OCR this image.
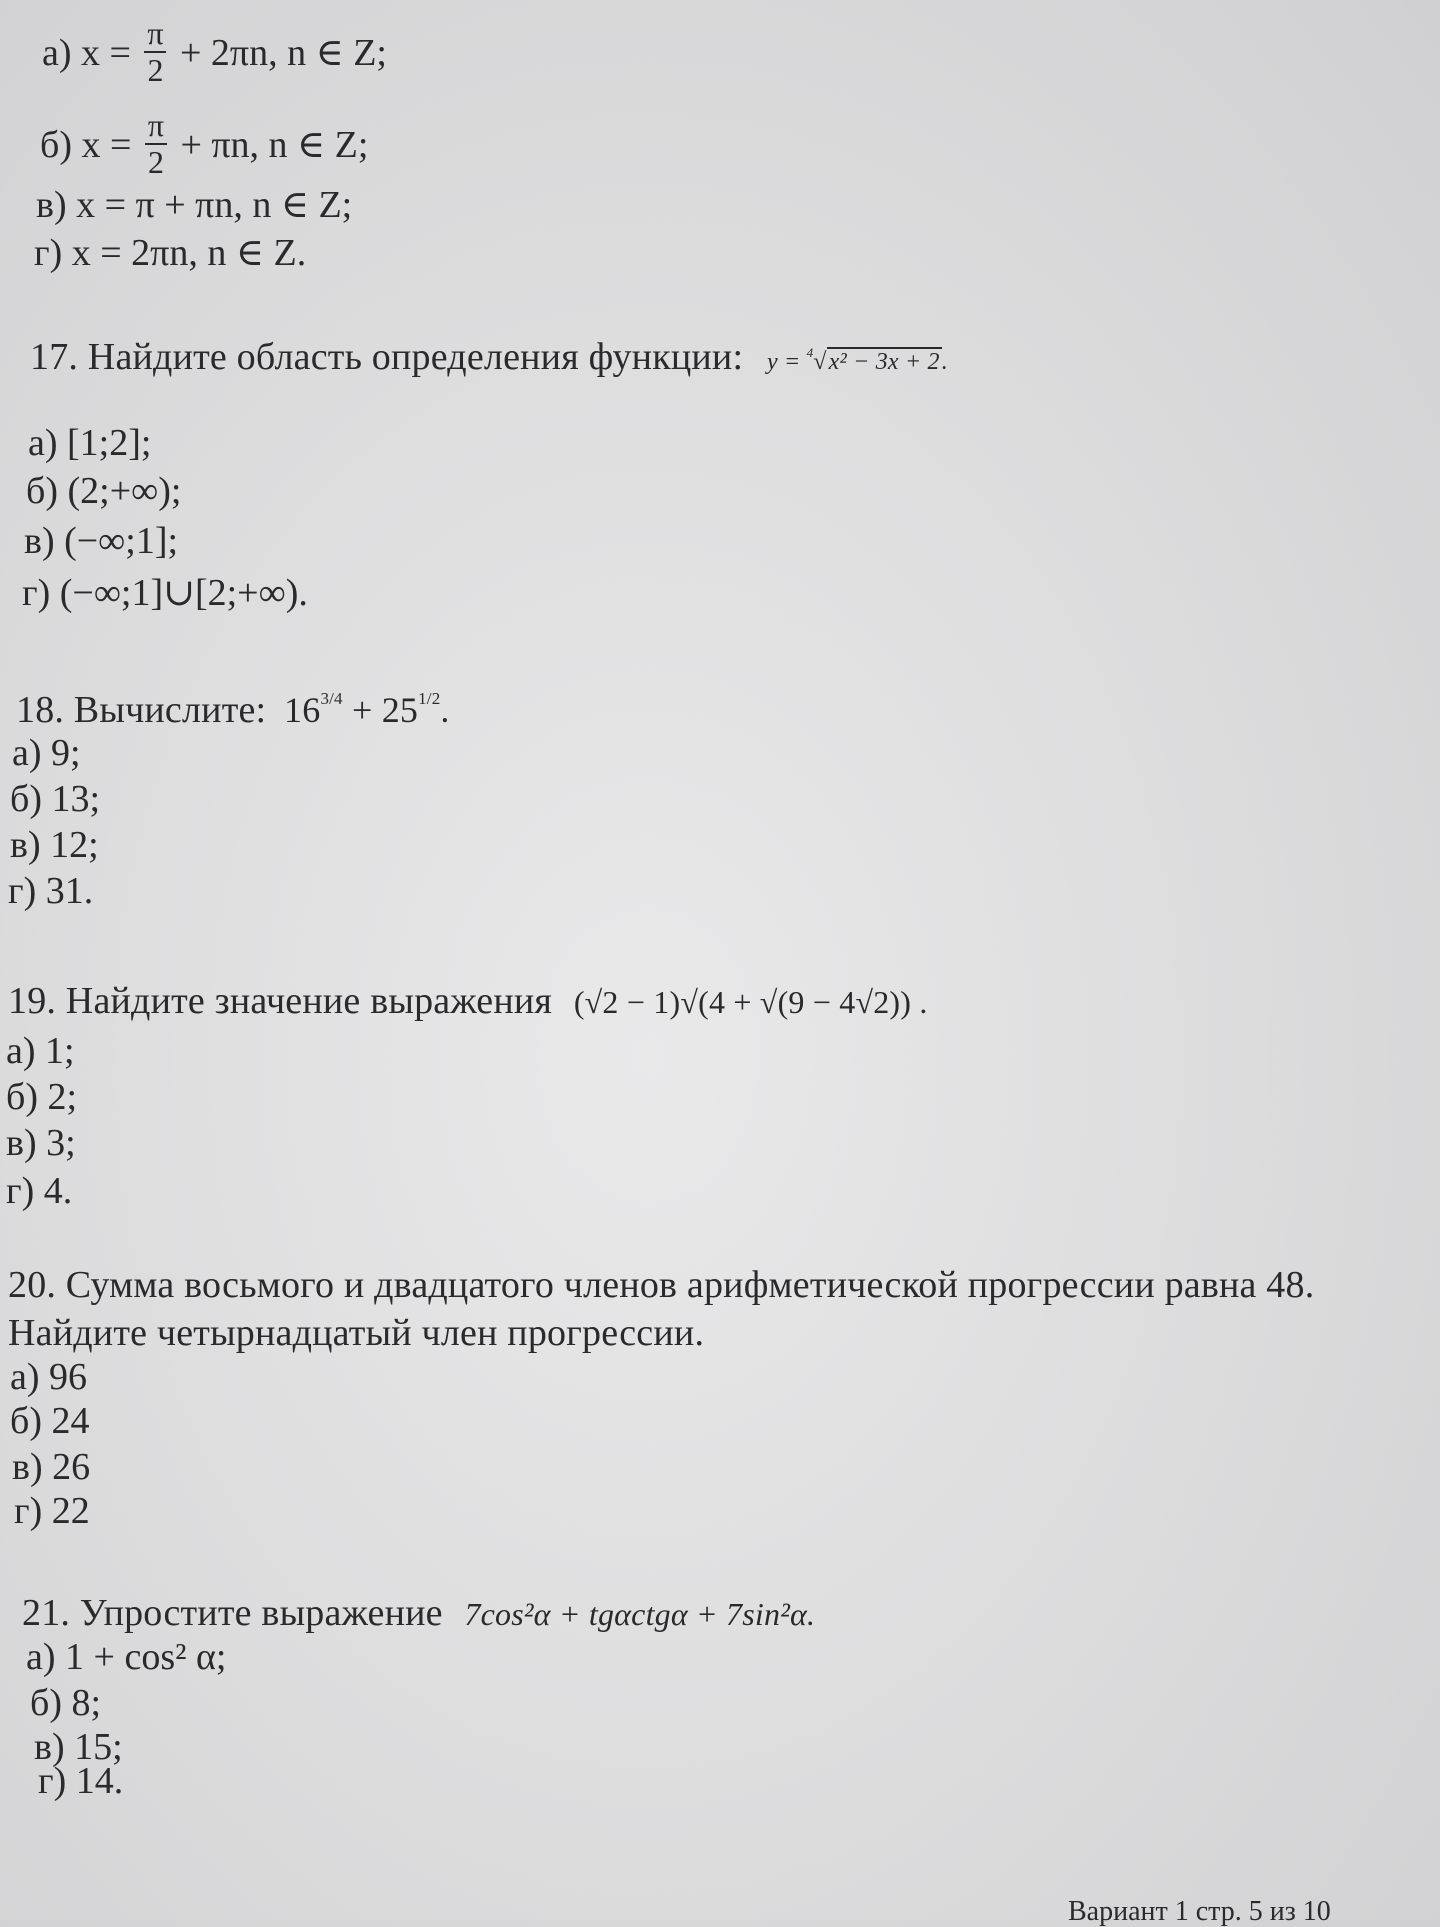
а) $x = \frac{\pi}{2} + 2\pi n$, n ∈ Z;
б) $x = \frac{\pi}{2} + \pi n$, n ∈ Z;
в) x = π + πn, n ∈ Z;
г) x = 2πn, n ∈ Z.
17. Найдите область определения функции: y = $^4$√x² − 3x + 2.
а) [1;2];
б) (2;+∞);
в) (−∞;1];
г) (−∞;1]∪[2;+∞).
18. Вычислите: $16^{3/4} + 25^{1/2}$.
а) 9;
б) 13;
в) 12;
г) 31.
19. Найдите значение выражения (√2 − 1)√(4 + √(9 − 4√2)) .
а) 1;
б) 2;
в) 3;
г) 4.
20. Сумма восьмого и двадцатого членов арифметической прогрессии равна 48.
Найдите четырнадцатый член прогрессии.
а) 96
б) 24
в) 26
г) 22
21. Упростите выражение 7cos²α + tgαctgα + 7sin²α.
а) 1 + cos² α;
б) 8;
в) 15;
г) 14.
Вариант 1 стр. 5 из 10
